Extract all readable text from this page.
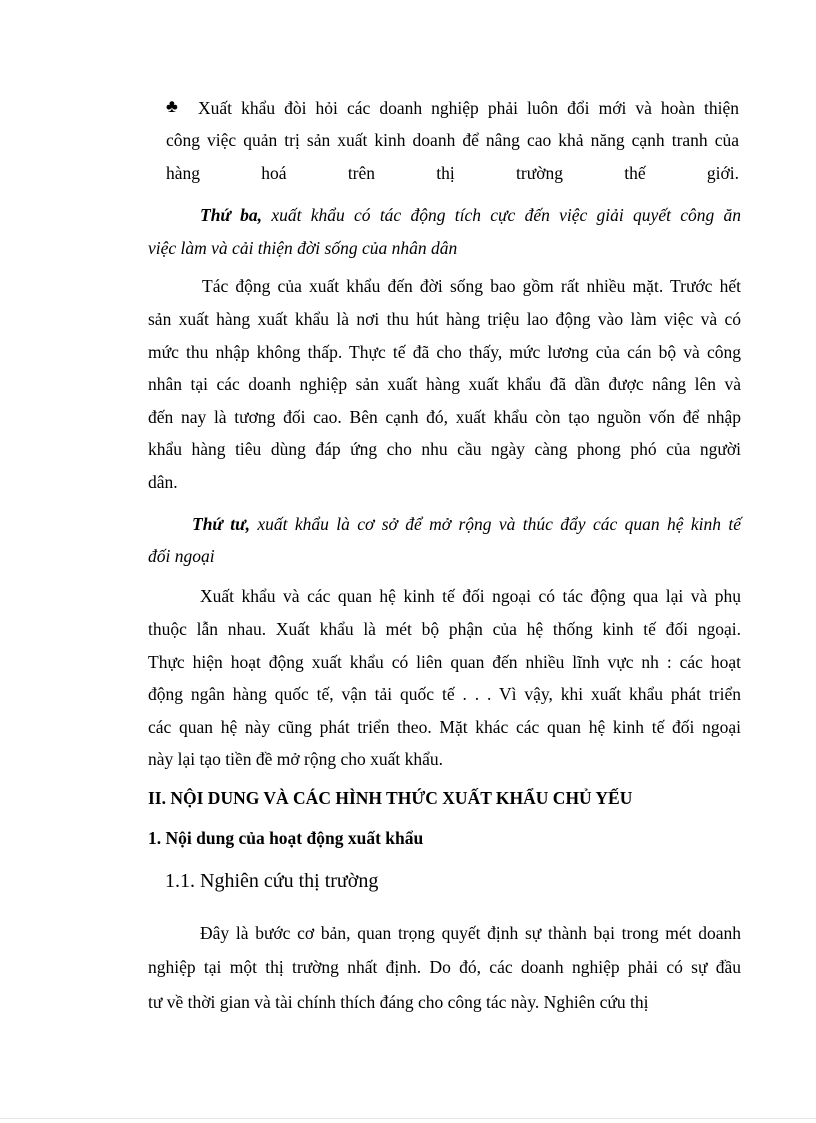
♣ Xuất khẩu đòi hỏi các doanh nghiệp phải luôn đổi mới và hoàn thiện
công việc quản trị sản xuất kinh doanh để nâng cao khả năng cạnh tranh của
hàng	hoá	trên	thị	trường	thế	giới.
Thứ ba, xuất khẩu có tác động tích cực đến việc giải quyết công ăn
việc làm và cải thiện đời sống của nhân dân
Tác động của xuất khẩu đến đời sống bao gồm rất nhiều mặt. Trước hết
sản xuất hàng xuất khẩu là nơi thu hút hàng triệu lao động vào làm việc và có
mức thu nhập không thấp. Thực tế đã cho thấy, mức lương của cán bộ và công
nhân tại các doanh nghiệp sản xuất hàng xuất khẩu đã dần được nâng lên và
đến nay là tương đối cao. Bên cạnh đó, xuất khẩu còn tạo nguồn vốn để nhập
khẩu hàng tiêu dùng đáp ứng cho nhu cầu ngày càng phong phó của người
dân.
Thứ tư, xuất khẩu là cơ sở để mở rộng và thúc đẩy các quan hệ kinh tế
đối ngoại
Xuất khẩu và các quan hệ kinh tế đối ngoại có tác động qua lại và phụ
thuộc lẫn nhau. Xuất khẩu là mét bộ phận của hệ thống kinh tế đối ngoại.
Thực hiện hoạt động xuất khẩu có liên quan đến nhiều lĩnh vực nh : các hoạt
động ngân hàng quốc tế, vận tải quốc tế . . . Vì vậy, khi xuất khẩu phát triển
các quan hệ này cũng phát triển theo. Mặt khác các quan hệ kinh tế đối ngoại
này lại tạo tiền đề mở rộng cho xuất khẩu.
II. NỘI DUNG VÀ CÁC HÌNH THỨC XUẤT KHẨU CHỦ YẾU
1. Nội dung của hoạt động xuất khẩu
1.1. Nghiên cứu thị trường
Đây là bước cơ bản, quan trọng quyết định sự thành bại trong mét doanh
nghiệp tại một thị trường nhất định. Do đó, các doanh nghiệp phải có sự đầu
tư về thời gian và tài chính thích đáng cho công tác này. Nghiên cứu thị
